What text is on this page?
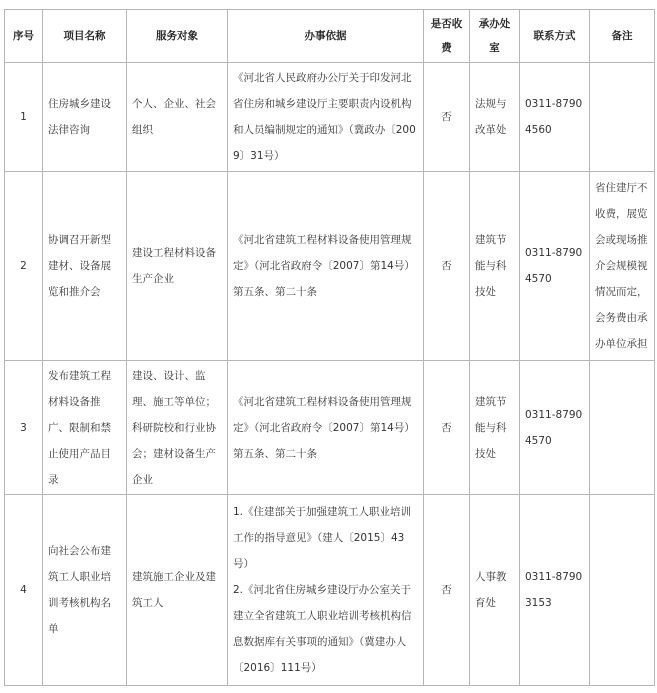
序号	项目名称	服务对象	办事依据	是否收费	承办处室	联系方式	备注
1	住房城乡建设法律咨询	个人、企业、社会组织	《河北省人民政府办公厅关于印发河北省住房和城乡建设厅主要职责内设机构和人员编制规定的通知》（冀政办〔2009〕31号）	否	法规与改革处	0311-87904560	
2	协调召开新型建材、设备展览和推介会	建设工程材料设备生产企业	《河北省建筑工程材料设备使用管理规定》（河北省政府令〔2007〕第14号）第五条、第二十条	否	建筑节能与科技处	0311-87904570	省住建厅不收费，展览会或现场推介会规模视情况而定，会务费由承办单位承担
3	发布建筑工程材料设备推广、限制和禁止使用产品目录	建设、设计、监理、施工等单位；科研院校和行业协会；建材设备生产企业	《河北省建筑工程材料设备使用管理规定》（河北省政府令〔2007〕第14号）第五条、第二十条	否	建筑节能与科技处	0311-87904570	
4	向社会公布建筑工人职业培训考核机构名单	建筑施工企业及建筑工人	1.《住建部关于加强建筑工人职业培训工作的指导意见》（建人〔2015〕43号）
2.《河北省住房城乡建设厅办公室关于建立全省建筑工人职业培训考核机构信息数据库有关事项的通知》（冀建办人〔2016〕111号）	否	人事教育处	0311-87903153	
